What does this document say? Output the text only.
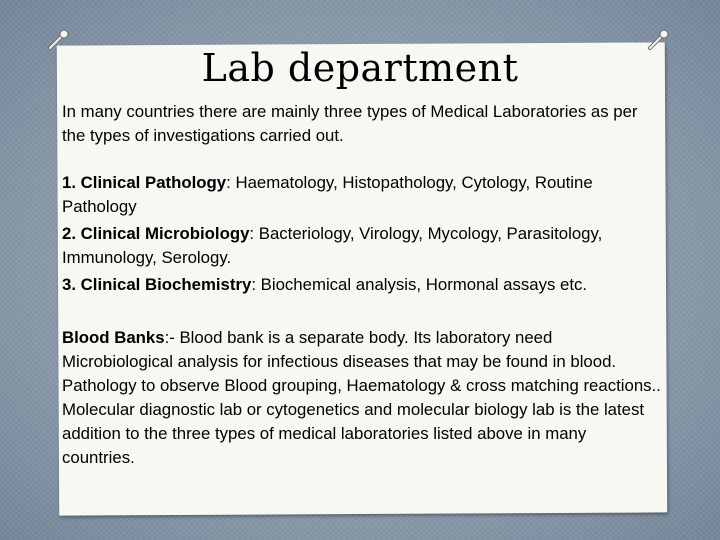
Lab department

In many countries there are mainly three types of Medical Laboratories as per the types of investigations carried out.

1. Clinical Pathology: Haematology, Histopathology, Cytology, Routine Pathology

2. Clinical Microbiology: Bacteriology, Virology, Mycology, Parasitology, Immunology, Serology.

3. Clinical Biochemistry: Biochemical analysis, Hormonal assays etc.

Blood Banks:- Blood bank is a separate body. Its laboratory need Microbiological analysis for infectious diseases that may be found in blood. Pathology to observe Blood grouping, Haematology & cross matching reactions.. Molecular diagnostic lab or cytogenetics and molecular biology lab is the latest addition to the three types of medical laboratories listed above in many countries.
